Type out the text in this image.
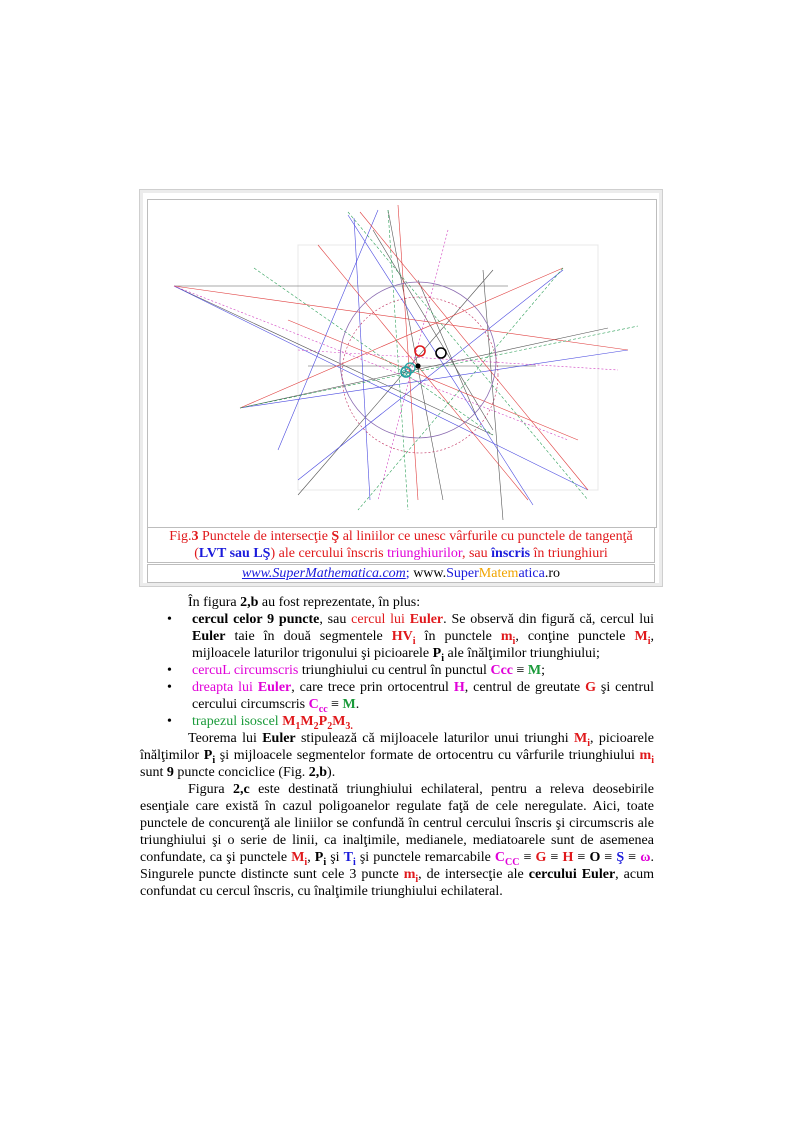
Ş
Fig.3 Punctele de intersecţie Ş al liniilor ce unesc vârfurile cu punctele de tangenţă
(LVT sau LŞ) ale cercului înscris triunghiurilor, sau înscris în triunghiuri
www.SuperMathematica.com; www.SuperMatematica.ro
În figura 2,b au fost reprezentate, în plus:
• cercul celor 9 puncte, sau cercul lui Euler. Se observă din figură că, cercul lui Euler taie în două segmentele $HV_i$ în punctele $m_i$, conţine punctele $M_i$, mijloacele laturilor trigonului şi picioarele $P_i$ ale înălţimilor triunghiului;
• cercuL circumscris triunghiului cu centrul în punctul Ccc ≡ M;
• dreapta lui Euler, care trece prin ortocentrul H, centrul de greutate G şi centrul cercului circumscris $C_{cc} \equiv M$.
• trapezul isoscel $M_1M_2P_2M_{3.}$
Teorema lui Euler stipulează că mijloacele laturilor unui triunghi $M_i$, picioarele înălţimilor $P_i$ şi mijloacele segmentelor formate de ortocentru cu vârfurile triunghiului $m_i$ sunt 9 puncte conciclice (Fig. 2,b).
Figura 2,c este destinată triunghiului echilateral, pentru a releva deosebirile esenţiale care există în cazul poligoanelor regulate faţă de cele neregulate. Aici, toate punctele de concurenţă ale liniilor se confundă în centrul cercului înscris şi circumscris ale triunghiului şi o serie de linii, ca inalţimile, medianele, mediatoarele sunt de asemenea confundate, ca şi punctele $M_i$, $P_i$ şi $T_i$ şi punctele remarcabile $C_{CC} \equiv G \equiv H \equiv O$ ≡ Ş ≡ ω. Singurele puncte distincte sunt cele 3 puncte $m_i$, de intersecţie ale cercului Euler, acum confundat cu cercul înscris, cu înalţimile triunghiului echilateral.
